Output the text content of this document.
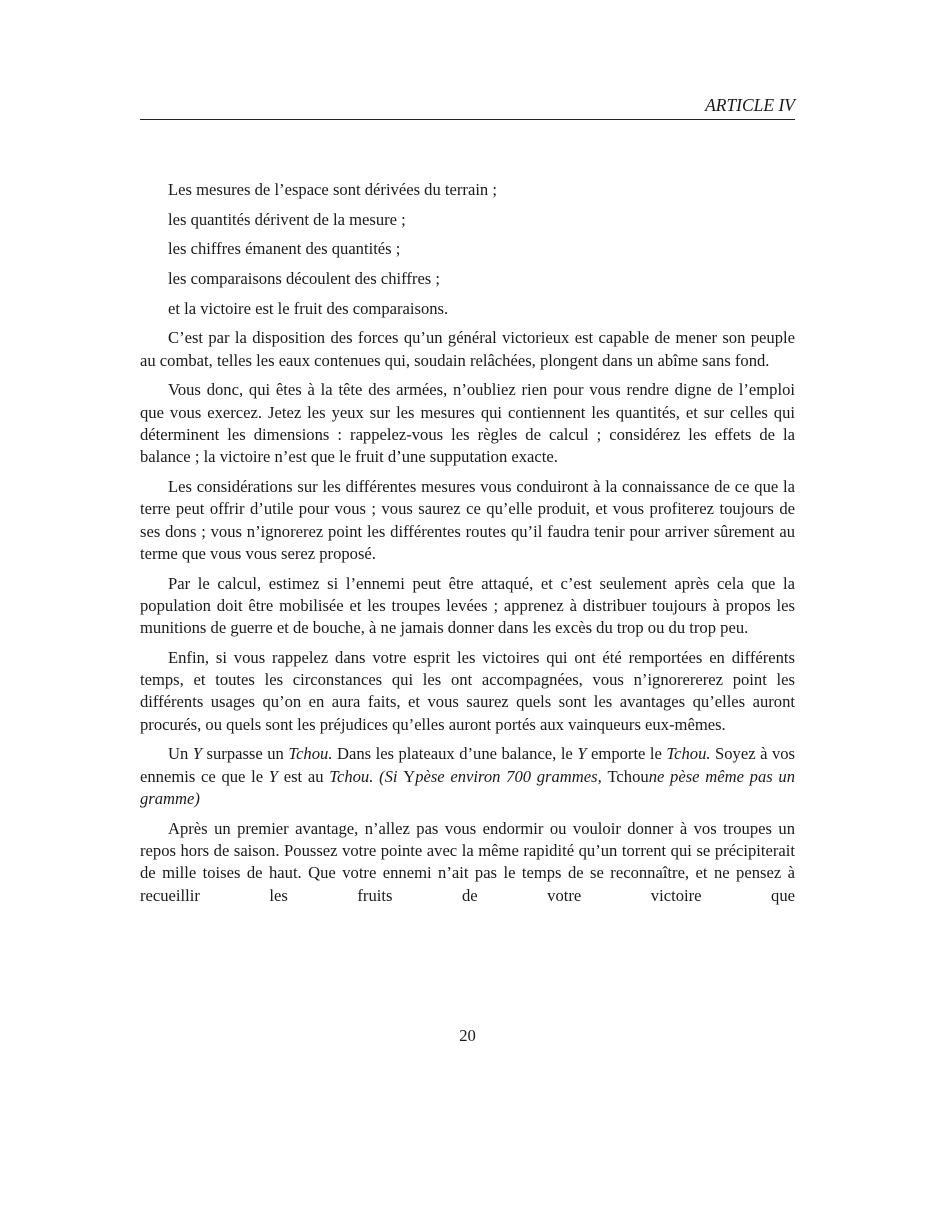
ARTICLE IV

Les mesures de l’espace sont dérivées du terrain ;

les quantités dérivent de la mesure ;

les chiffres émanent des quantités ;

les comparaisons découlent des chiffres ;

et la victoire est le fruit des comparaisons.

C’est par la disposition des forces qu’un général victorieux est capable de mener son peuple au combat, telles les eaux contenues qui, soudain relâchées, plongent dans un abîme sans fond.

Vous donc, qui êtes à la tête des armées, n’oubliez rien pour vous rendre digne de l’emploi que vous exercez. Jetez les yeux sur les mesures qui contiennent les quantités, et sur celles qui déterminent les dimensions : rappelez-vous les règles de calcul ; considérez les effets de la balance ; la victoire n’est que le fruit d’une supputation exacte.

Les considérations sur les différentes mesures vous conduiront à la connaissance de ce que la terre peut offrir d’utile pour vous ; vous saurez ce qu’elle produit, et vous profiterez toujours de ses dons ; vous n’ignorerez point les différentes routes qu’il faudra tenir pour arriver sûrement au terme que vous vous serez proposé.

Par le calcul, estimez si l’ennemi peut être attaqué, et c’est seulement après cela que la population doit être mobilisée et les troupes levées ; apprenez à distribuer toujours à propos les munitions de guerre et de bouche, à ne jamais donner dans les excès du trop ou du trop peu.

Enfin, si vous rappelez dans votre esprit les victoires qui ont été remportées en différents temps, et toutes les circonstances qui les ont accompagnées, vous n’ignorererez point les différents usages qu’on en aura faits, et vous saurez quels sont les avantages qu’elles auront procurés, ou quels sont les préjudices qu’elles auront portés aux vainqueurs eux-mêmes.

Un Y surpasse un Tchou. Dans les plateaux d’une balance, le Y emporte le Tchou. Soyez à vos ennemis ce que le Y est au Tchou. (Si Ypèse environ 700 grammes, Tchoune pèse même pas un gramme)

Après un premier avantage, n’allez pas vous endormir ou vouloir donner à vos troupes un repos hors de saison. Poussez votre pointe avec la même rapidité qu’un torrent qui se précipiterait de mille toises de haut. Que votre ennemi n’ait pas le temps de se reconnaître, et ne pensez à recueillir les fruits de votre victoire que

20
